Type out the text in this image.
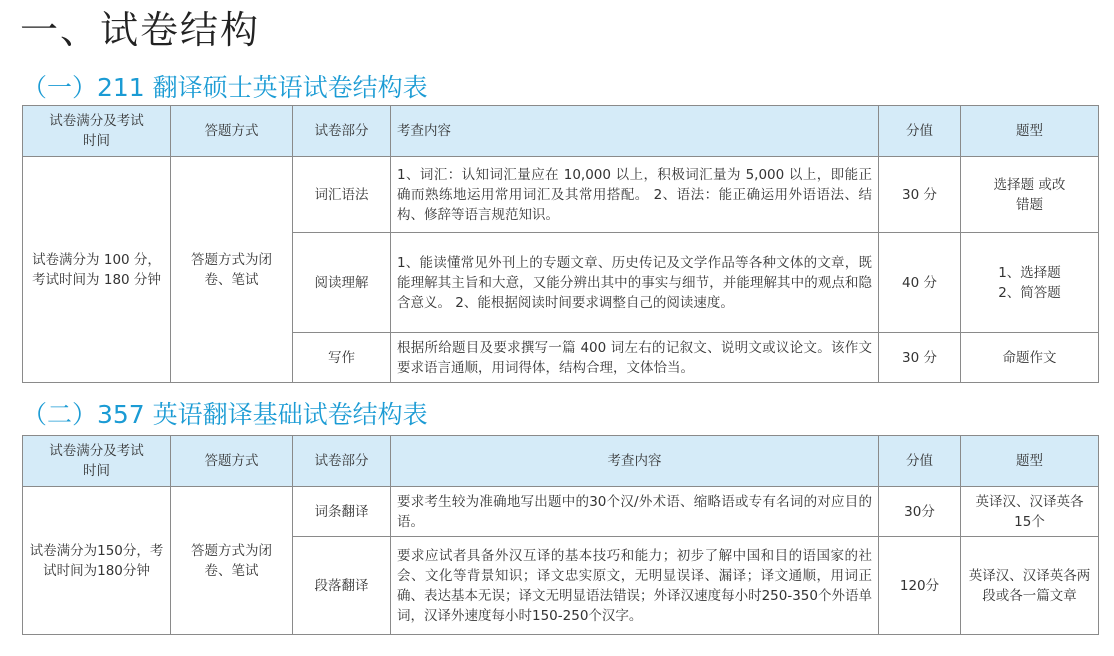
一、试卷结构
（一）211 翻译硕士英语试卷结构表
试卷满分及考试时间	答题方式	试卷部分	考查内容	分值	题型
试卷满分为 100 分，考试时间为 180 分钟	答题方式为闭卷、笔试	词汇语法	1、词汇：认知词汇量应在 10,000 以上，积极词汇量为 5,000 以上，即能正确而熟练地运用常用词汇及其常用搭配。 2、语法：能正确运用外语语法、结构、修辞等语言规范知识。	30 分	选择题 或改错题
		阅读理解	1、能读懂常见外刊上的专题文章、历史传记及文学作品等各种文体的文章，既能理解其主旨和大意，又能分辨出其中的事实与细节，并能理解其中的观点和隐含意义。 2、能根据阅读时间要求调整自己的阅读速度。	40 分	1、选择题 2、简答题
		写作	根据所给题目及要求撰写一篇 400 词左右的记叙文、说明文或议论文。该作文要求语言通顺，用词得体，结构合理，文体恰当。	30 分	命题作文
（二）357 英语翻译基础试卷结构表
试卷满分及考试时间	答题方式	试卷部分	考查内容	分值	题型
试卷满分为150分，考试时间为180分钟	答题方式为闭卷、笔试	词条翻译	要求考生较为准确地写出题中的30个汉/外术语、缩略语或专有名词的对应目的语。	30分	英译汉、汉译英各15个
		段落翻译	要求应试者具备外汉互译的基本技巧和能力；初步了解中国和目的语国家的社会、文化等背景知识；译文忠实原文，无明显误译、漏译；译文通顺，用词正确、表达基本无误；译文无明显语法错误；外译汉速度每小时250-350个外语单词，汉译外速度每小时150-250个汉字。	120分	英译汉、汉译英各两段或各一篇文章
